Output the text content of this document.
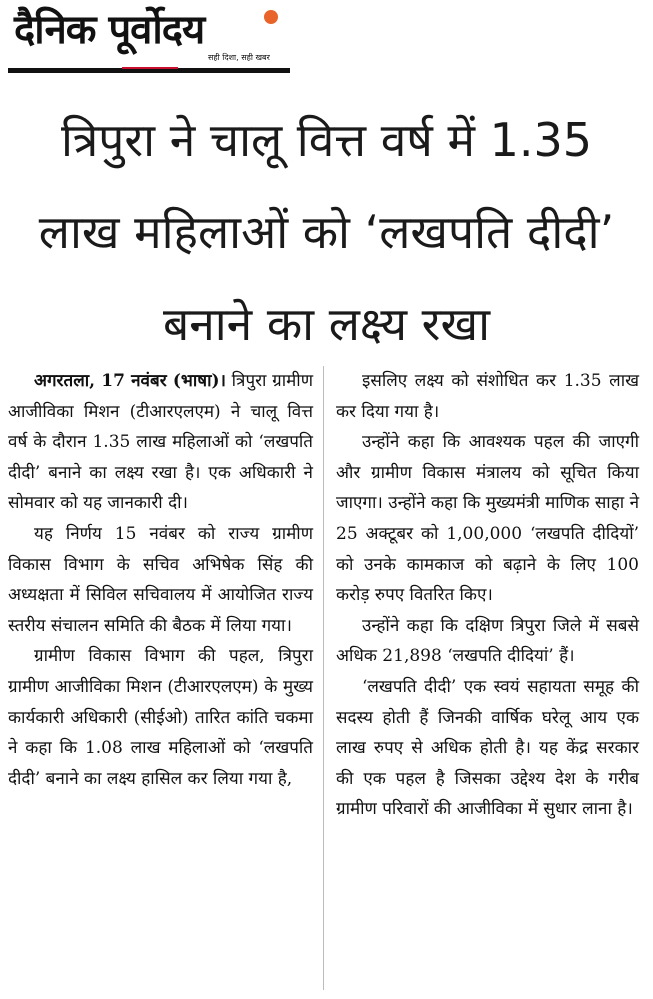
दैनिक पूर्वोदय
सही दिशा, सही खबर
त्रिपुरा ने चालू वित्त वर्ष में 1.35 लाख महिलाओं को ‘लखपति दीदी’ बनाने का लक्ष्य रखा

अगरतला, 17 नवंबर (भाषा)। त्रिपुरा ग्रामीण आजीविका मिशन (टीआरएलएम) ने चालू वित्त वर्ष के दौरान 1.35 लाख महिलाओं को ‘लखपति दीदी’ बनाने का लक्ष्य रखा है। एक अधिकारी ने सोमवार को यह जानकारी दी।

यह निर्णय 15 नवंबर को राज्य ग्रामीण विकास विभाग के सचिव अभिषेक सिंह की अध्यक्षता में सिविल सचिवालय में आयोजित राज्य स्तरीय संचालन समिति की बैठक में लिया गया।

ग्रामीण विकास विभाग की पहल, त्रिपुरा ग्रामीण आजीविका मिशन (टीआरएलएम) के मुख्य कार्यकारी अधिकारी (सीईओ) तारित कांति चकमा ने कहा कि 1.08 लाख महिलाओं को ‘लखपति दीदी’ बनाने का लक्ष्य हासिल कर लिया गया है,

इसलिए लक्ष्य को संशोधित कर 1.35 लाख कर दिया गया है।

उन्होंने कहा कि आवश्यक पहल की जाएगी और ग्रामीण विकास मंत्रालय को सूचित किया जाएगा। उन्होंने कहा कि मुख्यमंत्री माणिक साहा ने 25 अक्टूबर को 1,00,000 ‘लखपति दीदियों’ को उनके कामकाज को बढ़ाने के लिए 100 करोड़ रुपए वितरित किए।

उन्होंने कहा कि दक्षिण त्रिपुरा जिले में सबसे अधिक 21,898 ‘लखपति दीदियां’ हैं।

‘लखपति दीदी’ एक स्वयं सहायता समूह की सदस्य होती हैं जिनकी वार्षिक घरेलू आय एक लाख रुपए से अधिक होती है। यह केंद्र सरकार की एक पहल है जिसका उद्देश्य देश के गरीब ग्रामीण परिवारों की आजीविका में सुधार लाना है।
